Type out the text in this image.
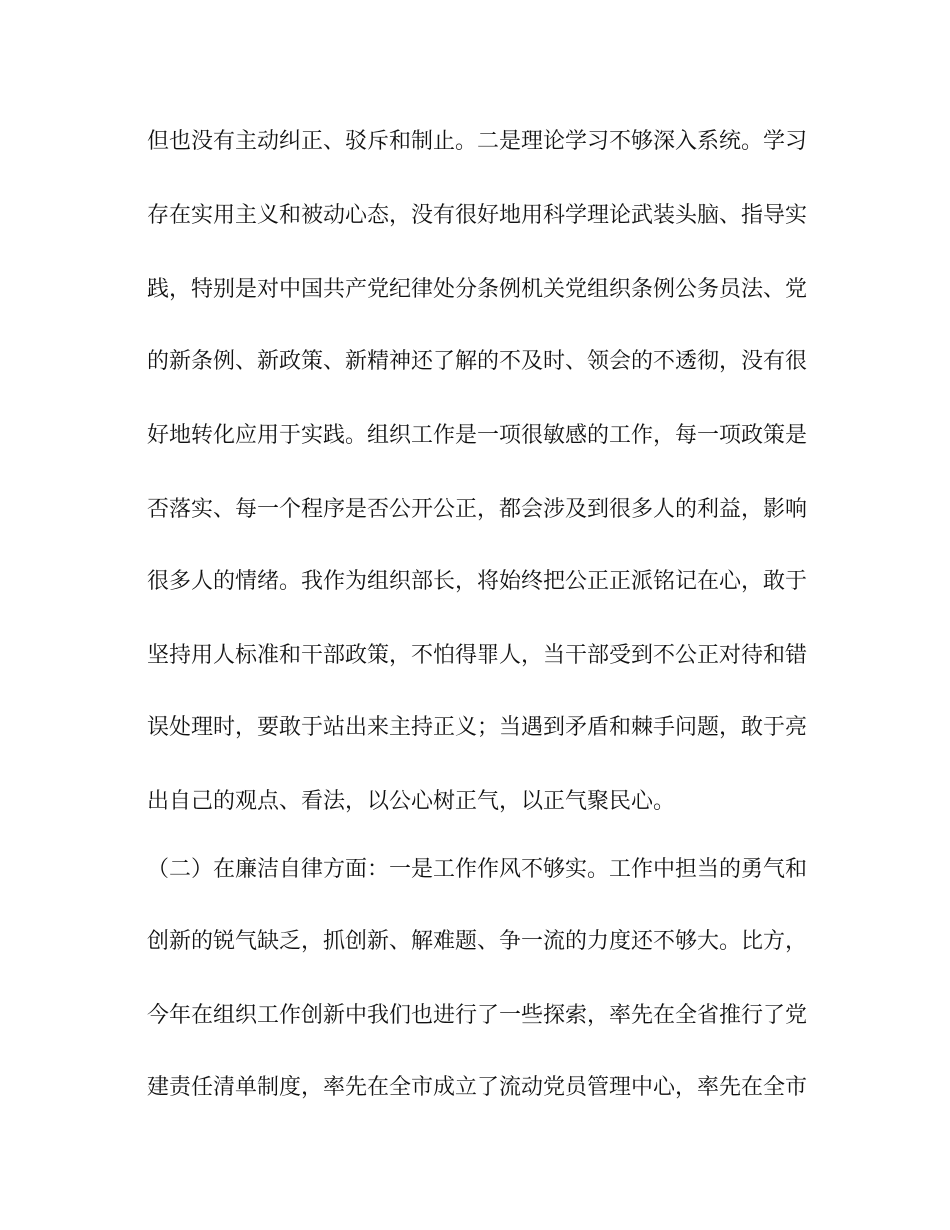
但也没有主动纠正、驳斥和制止。二是理论学习不够深入系统。学习
存在实用主义和被动心态，没有很好地用科学理论武装头脑、指导实
践，特别是对中国共产党纪律处分条例机关党组织条例公务员法、党
的新条例、新政策、新精神还了解的不及时、领会的不透彻，没有很
好地转化应用于实践。组织工作是一项很敏感的工作，每一项政策是
否落实、每一个程序是否公开公正，都会涉及到很多人的利益，影响
很多人的情绪。我作为组织部长，将始终把公正正派铭记在心，敢于
坚持用人标准和干部政策，不怕得罪人，当干部受到不公正对待和错
误处理时，要敢于站出来主持正义；当遇到矛盾和棘手问题，敢于亮
出自己的观点、看法，以公心树正气，以正气聚民心。
（二）在廉洁自律方面：一是工作作风不够实。工作中担当的勇气和
创新的锐气缺乏，抓创新、解难题、争一流的力度还不够大。比方，
今年在组织工作创新中我们也进行了一些探索，率先在全省推行了党
建责任清单制度，率先在全市成立了流动党员管理中心，率先在全市
